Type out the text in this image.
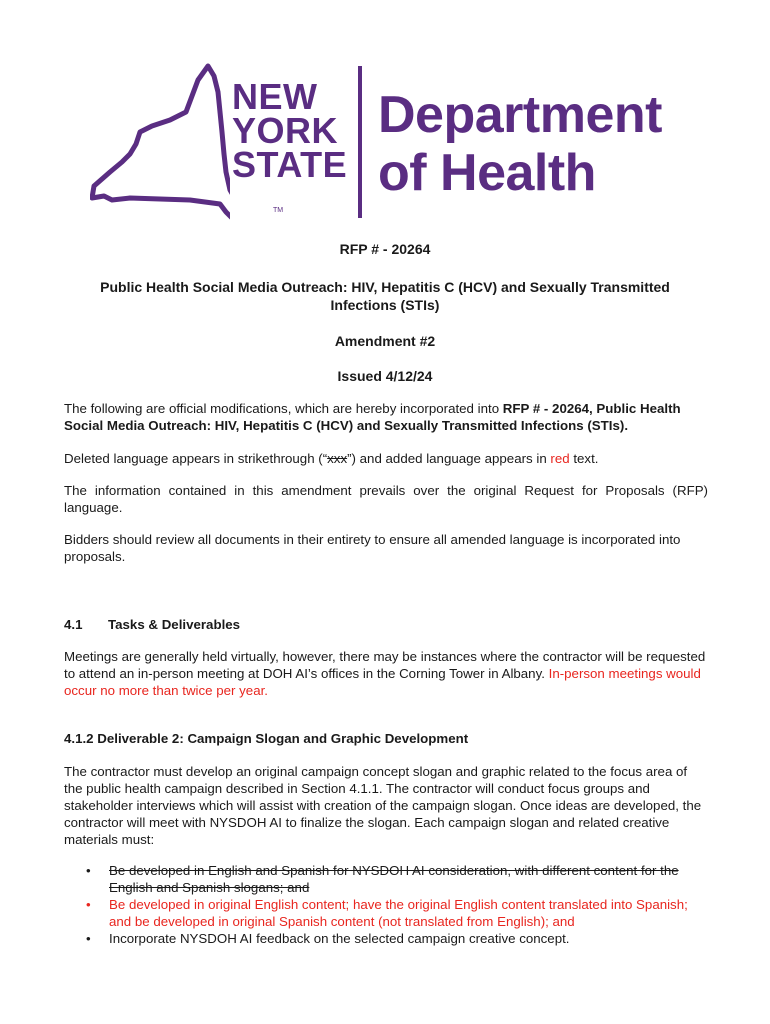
NEW
YORK
STATE
TM
Department
of Health
RFP # - 20264
Public Health Social Media Outreach: HIV, Hepatitis C (HCV) and Sexually Transmitted Infections (STIs)
Amendment #2
Issued 4/12/24
The following are official modifications, which are hereby incorporated into RFP # - 20264, Public Health Social Media Outreach: HIV, Hepatitis C (HCV) and Sexually Transmitted Infections (STIs).
Deleted language appears in strikethrough (“xxx”) and added language appears in red text.
The information contained in this amendment prevails over the original Request for Proposals (RFP) language.
Bidders should review all documents in their entirety to ensure all amended language is incorporated into proposals.
4.1 Tasks & Deliverables
Meetings are generally held virtually, however, there may be instances where the contractor will be requested to attend an in-person meeting at DOH AI’s offices in the Corning Tower in Albany. In-person meetings would occur no more than twice per year.
4.1.2 Deliverable 2: Campaign Slogan and Graphic Development
The contractor must develop an original campaign concept slogan and graphic related to the focus area of the public health campaign described in Section 4.1.1. The contractor will conduct focus groups and stakeholder interviews which will assist with creation of the campaign slogan. Once ideas are developed, the contractor will meet with NYSDOH AI to finalize the slogan. Each campaign slogan and related creative materials must:
• Be developed in English and Spanish for NYSDOH AI consideration, with different content for the English and Spanish slogans; and
• Be developed in original English content; have the original English content translated into Spanish; and be developed in original Spanish content (not translated from English); and
• Incorporate NYSDOH AI feedback on the selected campaign creative concept.
